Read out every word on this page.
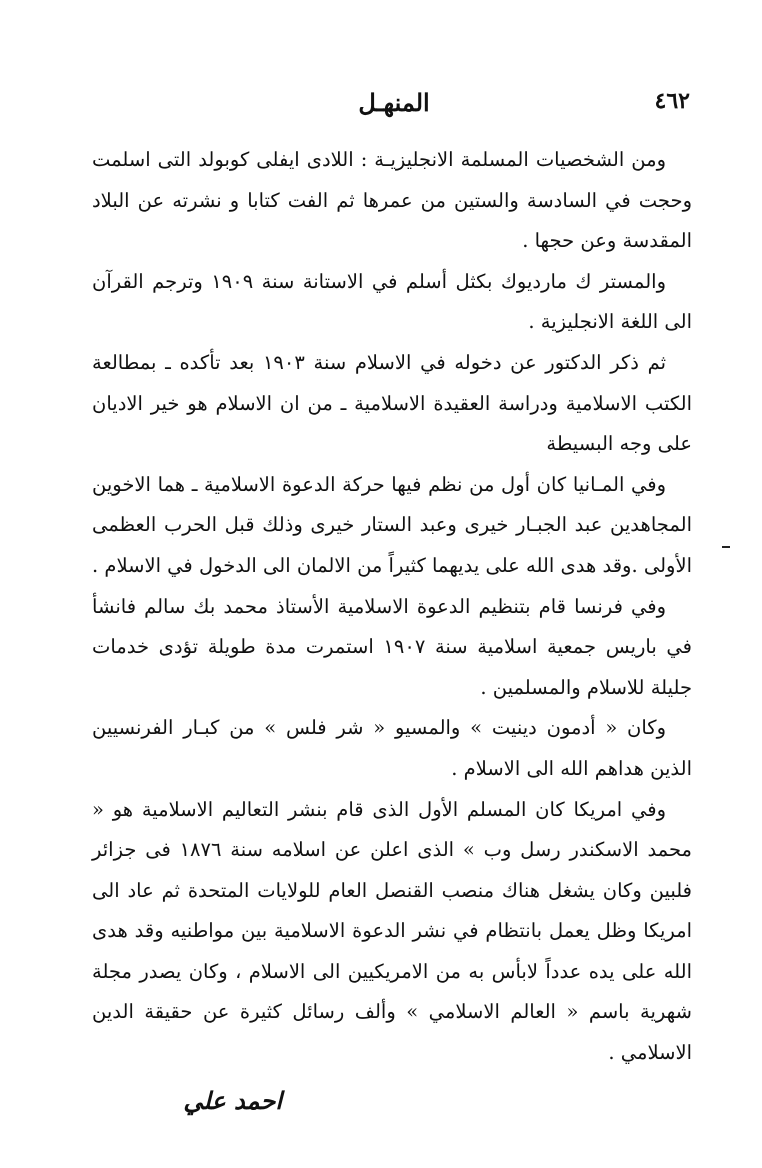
٤٦٢
المنهـل

ومن الشخصيات المسلمة الانجليزيـة : اللادى ايفلى كوبولد التى اسلمت وحجت في السادسة والستين من عمرها ثم الفت كتابا و نشرته عن البلاد المقدسة وعن حجها .

والمستر ك مارديوك بكثل أسلم في الاستانة سنة ١٩٠٩ وترجم القرآن الى اللغة الانجليزية .

ثم ذكر الدكتور عن دخوله في الاسلام سنة ١٩٠٣ بعد تأكده ـ بمطالعة الكتب الاسلامية ودراسة العقيدة الاسلامية ـ من ان الاسلام هو خير الاديان على وجه البسيطة

وفي المـانيا كان أول من نظم فيها حركة الدعوة الاسلامية ـ هما الاخوين المجاهدين عبد الجبـار خيرى وعبد الستار خيرى وذلك قبل الحرب العظمى الأولى .وقد هدى الله على يديهما كثيراً من الالمان الى الدخول في الاسلام .

وفي فرنسا قام بتنظيم الدعوة الاسلامية الأستاذ محمد بك سالم فانشأ في باريس جمعية اسلامية سنة ١٩٠٧ استمرت مدة طويلة تؤدى خدمات جليلة للاسلام والمسلمين .

وكان « أدمون دينيت » والمسيو « شر فلس » من كبـار الفرنسيين الذين هداهم الله الى الاسلام .

وفي امريكا كان المسلم الأول الذى قام بنشر التعاليم الاسلامية هو « محمد الاسكندر رسل وب » الذى اعلن عن اسلامه سنة ١٨٧٦ فى جزائر فلبين وكان يشغل هناك منصب القنصل العام للولايات المتحدة ثم عاد الى امريكا وظل يعمل بانتظام في نشر الدعوة الاسلامية بين مواطنيه وقد هدى الله على يده عدداً لابأس به من الامريكيين الى الاسلام ، وكان يصدر مجلة شهرية باسم « العالم الاسلامي » وألف رسائل كثيرة عن حقيقة الدين الاسلامي .

احمد علي
